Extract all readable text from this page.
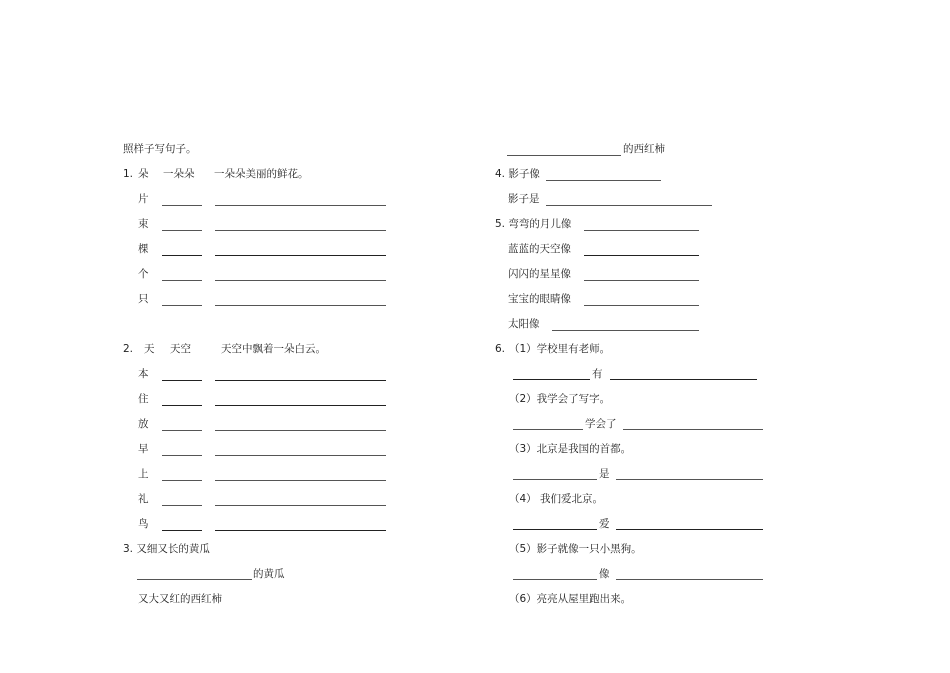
照样子写句子。
1. 朵 一朵朵 一朵朵美丽的鲜花。
片
束
棵
个
只
2. 天 天空	天空中飘着一朵白云。
本
住
放
早
上
礼
鸟
3. 又细又长的黄瓜
的黄瓜
又大又红的西红柿
的西红柿
4. 影子像
影子是
5. 弯弯的月儿像
蓝蓝的天空像
闪闪的星星像
宝宝的眼睛像
太阳像
6. （1）学校里有老师。
有
（2）我学会了写字。
学会了
（3）北京是我国的首都。
是
（4） 我们爱北京。
爱
（5）影子就像一只小黑狗。
像
（6）亮亮从屋里跑出来。
